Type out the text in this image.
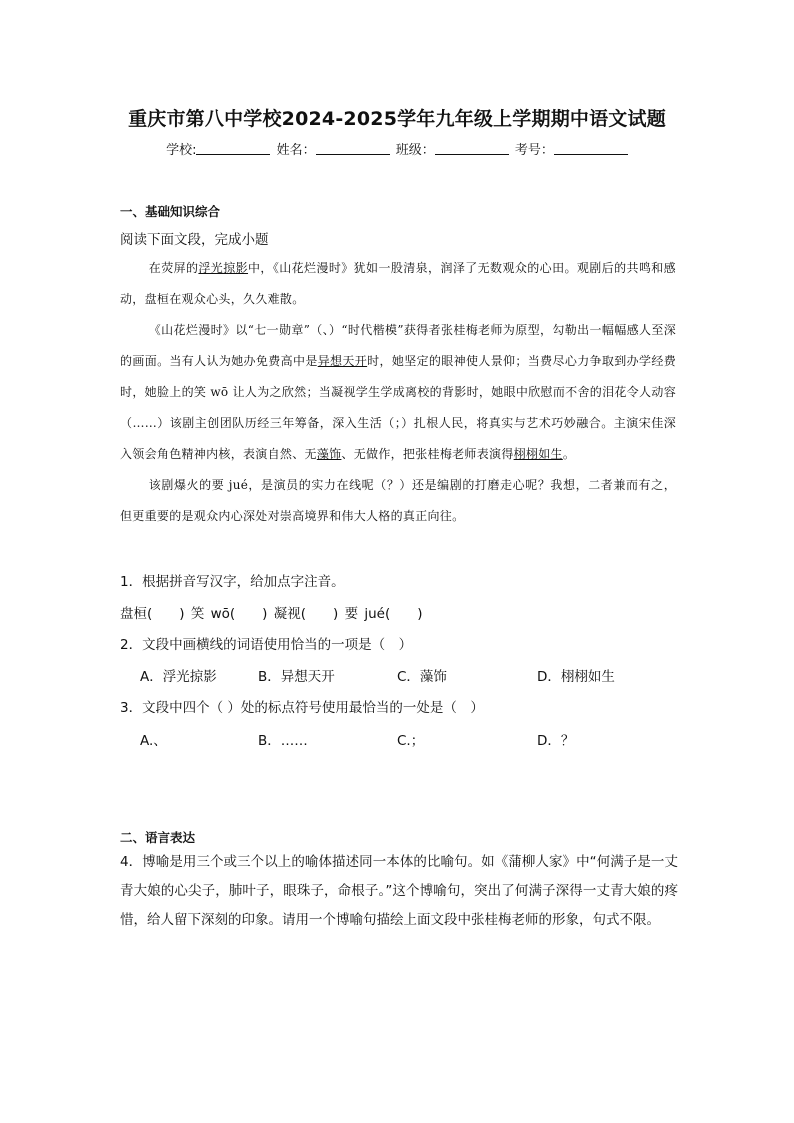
重庆市第八中学校2024-2025学年九年级上学期期中语文试题
学校:	姓名：	班级：	考号：
一、基础知识综合
阅读下面文段，完成小题

在荧屏的浮光掠影中，《山花烂漫时》犹如一股清泉，润泽了无数观众的心田。观剧后的共鸣和感动，盘桓在观众心头，久久难散。

《山花烂漫时》以“七一勋章”（、）“时代楷模”获得者张桂梅老师为原型，勾勒出一幅幅感人至深的画面。当有人认为她办免费高中是异想天开时，她坚定的眼神使人景仰；当费尽心力争取到办学经费时，她脸上的笑 wō 让人为之欣然；当凝视学生学成离校的背影时，她眼中欣慰而不舍的泪花令人动容（……）该剧主创团队历经三年筹备，深入生活（；）扎根人民，将真实与艺术巧妙融合。主演宋佳深入领会角色精神内核，表演自然、无藻饰、无做作，把张桂梅老师表演得栩栩如生。

该剧爆火的要 jué，是演员的实力在线呢（？）还是编剧的打磨走心呢？我想，二者兼而有之，但更重要的是观众内心深处对崇高境界和伟大人格的真正向往。

1．根据拼音写汉字，给加点字注音。
盘桓(　　) 笑 wō(　　) 凝视(　　) 要 jué(　　)
2．文段中画横线的词语使用恰当的一项是（　）
A．浮光掠影	B．异想天开	C．藻饰	D．栩栩如生
3．文段中四个（ ）处的标点符号使用最恰当的一处是（　）
A.、	B．……	C.；	D．？
二、语言表达
4．博喻是用三个或三个以上的喻体描述同一本体的比喻句。如《蒲柳人家》中“何满子是一丈青大娘的心尖子，肺叶子，眼珠子，命根子。”这个博喻句，突出了何满子深得一丈青大娘的疼惜，给人留下深刻的印象。请用一个博喻句描绘上面文段中张桂梅老师的形象，句式不限。
